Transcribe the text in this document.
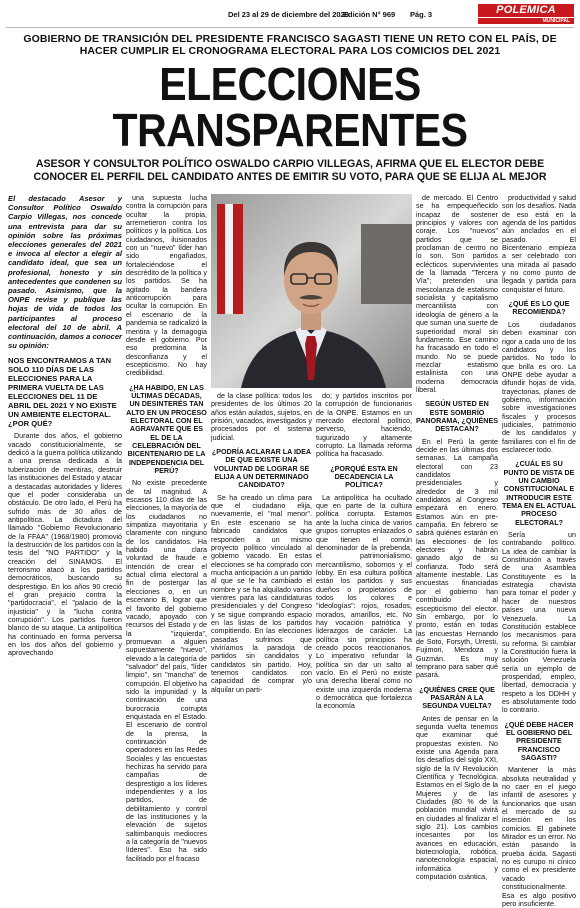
Del 23 al 29 de diciembre del 2020
Edición N° 969 Pág. 3	POLEMICA
MUNICIPAL
GOBIERNO DE TRANSICIÓN DEL PRESIDENTE FRANCISCO SAGASTI TIENE UN RETO CON EL PAÍS, DE HACER CUMPLIR EL CRONOGRAMA ELECTORAL PARA LOS COMICIOS DEL 2021
ELECCIONES
TRANSPARENTES
ASESOR Y CONSULTOR POLÍTICO OSWALDO CARPIO VILLEGAS, AFIRMA QUE EL ELECTOR DEBE CONOCER EL PERFIL DEL CANDIDATO ANTES DE EMITIR SU VOTO, PARA QUE SE ELIJA AL MEJOR

El destacado Asesor y Consultor Político Oswaldo Carpio Villegas, nos concede una entrevista para dar su opinión sobre las próximas elecciones generales del 2021 e invoca al elector a elegir al candidato ideal, que sea un profesional, honesto y sin antecedentes que condenen su pasado. Asimismo, que la ONPE revise y publique las hojas de vida de todos los participantes al proceso electoral del 10 de abril. A continuación, damos a conocer su opinión:

NOS ENCONTRAMOS A TAN SOLO 110 DÍAS DE LAS ELECCIONES PARA LA PRIMERA VUELTA DE LAS ELECCIONES DEL 11 DE ABRIL DEL 2021 Y NO EXISTE UN AMBIENTE ELECTORAL. ¿POR QUÉ?

Durante dos años, el gobierno vacado constitucionalmente, se dedicó a la guerra política utilizando a una prensa dedicada a la tuberización de mentiras, destruir las instituciones del Estado y atacar a destacadas autoridades y líderes que el poder consideraba un obstáculo. De otro lado, el Perú ha sufrido más de 30 años de antipolítica. La dictadura del llamado "Gobierno Revolucionario de la FFAA" (1968/1980) promovió la destrucción de los partidos con la tesis del "NO PARTIDO" y la creación del SINAMOS. El terrorismo atacó a los partidos democráticos, buscando su desprestigio. En los años 90 creció el gran prejuicio contra la "partidocracia", el "palacio de la injusticia" y la "lucha contra corrupción". Los partidos fueron blanco de su ataque. La antipolítica ha continuado en forma perversa en los dos años del gobierno y aprovechando

una supuesta lucha contra la corrupción para ocultar la propia, arremetieron contra los políticos y la política. Los ciudadanos, ilusionados con un "nuevo" líder han sido engañados, fortaleciéndose el descrédito de la política y los partidos. Se ha agitado la bandera anticorrupción para ocultar la corrupción. En el escenario de la pandemia se radicalizó la mentira y la demagogia desde el gobierno. Por eso predomina la desconfianza y el escepticismo. No hay credibilidad.

¿HA HABIDO, EN LAS ÚLTIMAS DÉCADAS, UN DESINTERÉS TAN ALTO EN UN PROCESO ELECTORAL CON EL AGRAVANTE QUE ES EL DE LA CELEBRACIÓN DEL BICENTENARIO DE LA INDEPENDENCIA DEL PERÚ?

No existe precedente de tal magnitud. A escasos 110 días de las elecciones, la mayoría de los ciudadanos no simpatiza mayoritaria y claramente con ninguno de los candidatos. Ha habido una clara voluntad de fraude e intención de crear el actual clima electoral a fin de postergar las elecciones o, en un escenario B, lograr que el favorito del gobierno vacado, apoyado con recursos del Estado y de la "izquierda", promuevan a alguien supuestamente "nuevo", elevado a la categoría de "salvador" del país, "líder limpio", sin "mancha" de corrupción. El objetivo ha sido la impunidad y la continuación de una burocracia corrupta enquistada en el Estado. El escenario de control de la prensa, la continuación de operadores en las Redes Sociales y las encuestas hechizas ha servido para campañas de desprestigio a los líderes independientes y a los partidos, de debilitamiento y control de las instituciones y la elevación de sujetos saltimbanquis mediocres a la categoría de "nuevos líderes". Eso ha sido facilitado por el fracaso

de la clase política: todos los presidentes de los últimos 20 años están aulados, sujetos, en prisión, vacados, investigados y procesados por el sistema judicial.

¿PODRÍA ACLARAR LA IDEA DE QUE EXISTE UNA VOLUNTAD DE LOGRAR SE ELIJA A UN DETERMINADO CANDIDATO?

Se ha creado un clima para que el ciudadano elija, nuevamente, el "mal menor". En este escenario se ha fabricado candidatos que responden a un mismo proyecto político vinculado al gobierno vacado. En estas elecciones se ha comprado con mucha anticipación a un partido al que se le ha cambiado el nombre y se ha alquilado varios vientres para las candidaturas presidenciales y del Congreso y se sigue comprando espacio en las listas de los partidos compitiendo. En las elecciones pasadas sufrimos que viviríamos la paradoja de partidos sin candidatos y candidatos sin partido. Hoy, tenemos candidatos con capacidad de comprar y/o alquilar un parti-

do; y partidos inscritos por la corrupción de funcionarios de la ONPE. Estamos en un mercado electoral político, perverso, haciendo, tugurizado y altamente corrupto. La llamada reforma política ha fracasado.

¿PORQUÉ ESTA EN DECADENCIA LA POLÍTICA?

La antipolítica ha ocultado que en parte de la cultura política corrupta. Estamos ante la lucha cínica de varios grupos corruptos enlazados o que tienen el común denominador de la prebenda, el patrimonialismo, mercantilismo, sobornos y el lobby. En esa cultura política están los partidos y sus dueños o propietarios de todos los colores e "ideologías": rojos, rosados, morados, amarillos, etc. No hay vocación patriótica y liderazgos de carácter. La política sin principios ha creado pocos reaccionarios. Lo imperativo refundar la política sin dar un salto al vacío. En el Perú no existe una derecha liberal como no existe una izquierda moderna o democrática que fortalezca la economía

de mercado. El Centro se ha empequeñecido incapaz de sostener principios y valores con coraje. Los "nuevos" partidos que se proclaman de centro no lo son. Son partidos eclécticos supervivientes de la llamada "Tercera Vía"; pretenden una mescolanza de estatismo socialista y capitalismo mercantilista con ideología de género a la que suman una suerte de superioridad moral sin fundamento. Ese camino ha fracasado en todo el mundo. No se puede mezclar estatismo estalinista con una moderna democracia liberal.

SEGÚN USTED EN ESTE SOMBRÍO PANORAMA, ¿QUIÉNES DESTACAN?

En el Perú la gente decide en las últimas dos semanas. La campaña electoral con 23 candidatos presidenciales y alrededor de 3 mil candidatos al Congreso empezará en enero. Estamos aún en pre-campaña. En febrero se sabrá quiénes estarán en las elecciones de los electores y habrán ganado algo de su confianza. Todo será altamente inestable. Las encuestas financiadas por el gobierno han contribuido al escepticismo del elector. Sin embargo, por lo pronto, están en todas las encuestas Hernando de Soto, Forsyth, Urresti, Fujimori, Mendoza y Guzmán. Es muy temprano para saber qué pasará.

¿QUIÉNES CREE QUE PASARÁN A LA SEGUNDA VUELTA?

Antes de pensar en la segunda vuelta tenemos que examinar qué propuestas existen. No existe una Agenda para los desafíos del siglo XXI, siglo de la IV Revolución Científica y Tecnológica. Estamos en el Siglo de la Mujeres y de las Ciudades (80 % de la población mundial vivirá en ciudades al finalizar el siglo 21). Los cambios incesantes por los avances en educación, biotecnología, robótica, nanotecnología espacial, informática y computación cuántica,

productividad y salud son los desafíos. Nada de eso está en la agenda de los partidos aún anclados en el pasado. El Bicentenario empieza a ser celebrado con una mirada al pasado y no como punto de llegada y partida para conquistar el futuro.

¿QUÉ ES LO QUE RECOMIENDA?

Los ciudadanos deben examinar con rigor a cada uno de los candidatos y los partidos. No todo lo que brilla es oro. La ONPE debe ayudar a difundir hojas de vida, trayectorias, planes de gobierno, información sobre investigaciones fiscales y procesos judiciales, patrimonio de los candidatos y familiares con el fin de esclarecer todo.

¿CUÁL ES SU PUNTO DE VISTA DE UN CAMBIO CONSTITUCIONAL E INTRODUCIR ESTE TEMA EN EL ACTUAL PROCESO ELECTORAL?

Sería un contrabando político. La idea de cambiar la Constitución a través de una Asamblea Constituyente es la estrategia chavista para tomar el poder y hacer de nuestros países una nueva Venezuela. La Constitución establece los mecanismos para su reforma. Si cambiar la Constitución fuera la solución Venezuela sería un ejemplo de prosperidad, empleo, libertad, democracia y respeto a los DDHH y es absolutamente todo lo contrario.

¿QUÉ DEBE HACER EL GOBIERNO DEL PRESIDENTE FRANCISCO SAGASTI?

Mantener la más absoluta neutralidad y no caer en el juego infantil de asesores y funcionarios que usan el mercado de su inserción en los comicios. El gabinete Mirador es un error. No están pasando la prueba ácida. Sagasti no es curupo ni cínico como el ex presidente vacado constitucionalmente. Esa es algo positivo pero insuficiente.
